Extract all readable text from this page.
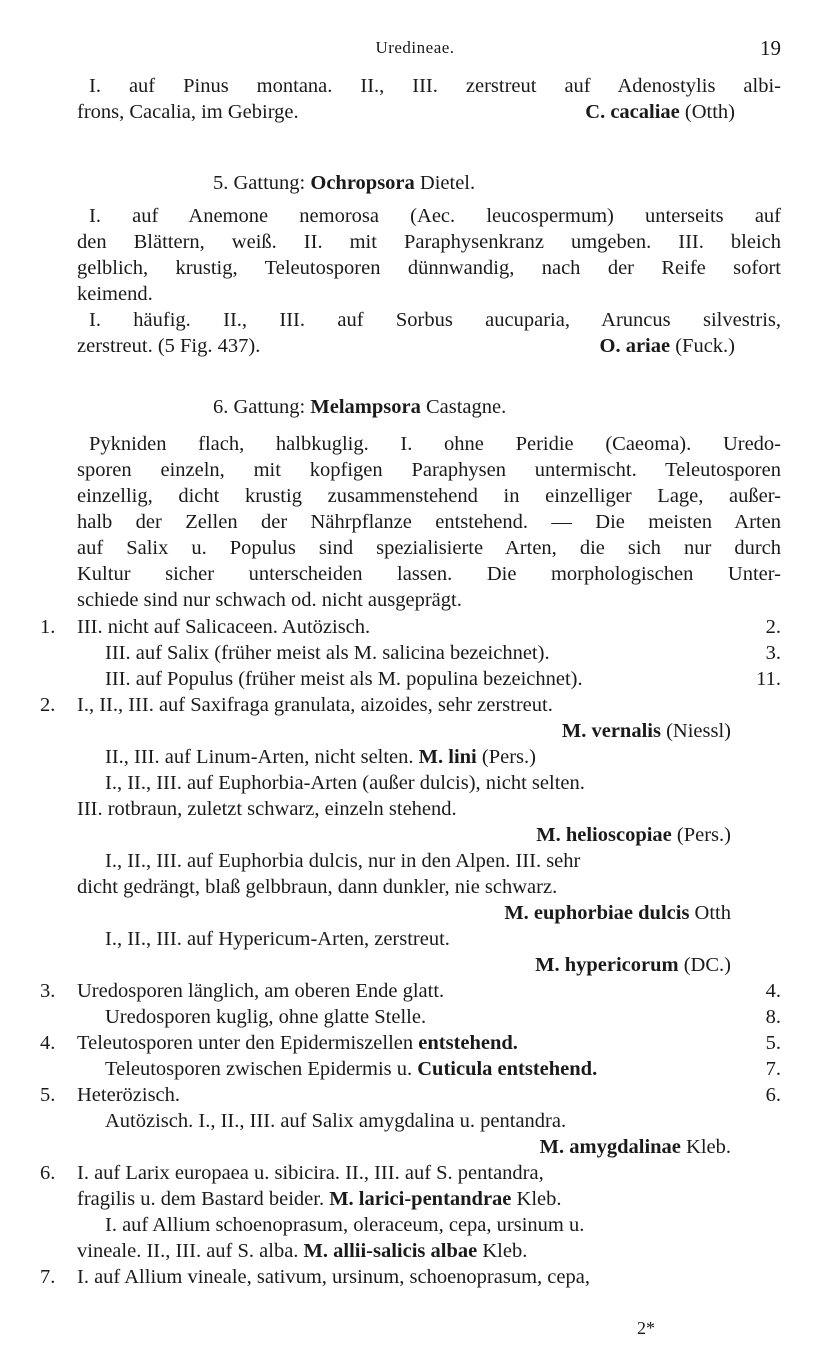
Uredineae.	19
I. auf Pinus montana. II., III. zerstreut auf Adenostylis albi-
frons, Cacalia, im Gebirge.	C. cacaliae (Otth)
5. Gattung: Ochropsora Dietel.
I. auf Anemone nemorosa (Aec. leucospermum) unterseits auf
den Blättern, weiß. II. mit Paraphysenkranz umgeben. III. bleich
gelblich, krustig, Teleutosporen dünnwandig, nach der Reife sofort
keimend.
I. häufig. II., III. auf Sorbus aucuparia, Aruncus silvestris,
zerstreut. (5 Fig. 437).	O. ariae (Fuck.)
6. Gattung: Melampsora Castagne.
Pykniden flach, halbkuglig. I. ohne Peridie (Caeoma). Uredo-
sporen einzeln, mit kopfigen Paraphysen untermischt. Teleutosporen
einzellig, dicht krustig zusammenstehend in einzelliger Lage, außer-
halb der Zellen der Nährpflanze entstehend. — Die meisten Arten
auf Salix u. Populus sind spezialisierte Arten, die sich nur durch
Kultur sicher unterscheiden lassen. Die morphologischen Unter-
schiede sind nur schwach od. nicht ausgeprägt.
1. III. nicht auf Salicaceen. Autözisch.	2.
III. auf Salix (früher meist als M. salicina bezeichnet).	3.
III. auf Populus (früher meist als M. populina bezeichnet).	11.
2. I., II., III. auf Saxifraga granulata, aizoides, sehr zerstreut.
M. vernalis (Niessl)
II., III. auf Linum-Arten, nicht selten. M. lini (Pers.)
I., II., III. auf Euphorbia-Arten (außer dulcis), nicht selten.
III. rotbraun, zuletzt schwarz, einzeln stehend.
M. helioscopiae (Pers.)
I., II., III. auf Euphorbia dulcis, nur in den Alpen. III. sehr
dicht gedrängt, blaß gelbbraun, dann dunkler, nie schwarz.
M. euphorbiae dulcis Otth
I., II., III. auf Hypericum-Arten, zerstreut.
M. hypericorum (DC.)
3. Uredosporen länglich, am oberen Ende glatt.	4.
Uredosporen kuglig, ohne glatte Stelle.	8.
4. Teleutosporen unter den Epidermiszellen entstehend.	5.
Teleutosporen zwischen Epidermis u. Cuticula entstehend.	7.
5. Heterözisch.	6.
Autözisch. I., II., III. auf Salix amygdalina u. pentandra.
M. amygdalinae Kleb.
6. I. auf Larix europaea u. sibicira. II., III. auf S. pentandra,
fragilis u. dem Bastard beider. M. larici-pentandrae Kleb.
I. auf Allium schoenoprasum, oleraceum, cepa, ursinum u.
vineale. II., III. auf S. alba. M. allii-salicis albae Kleb.
7. I. auf Allium vineale, sativum, ursinum, schoenoprasum, cepa,
2*
